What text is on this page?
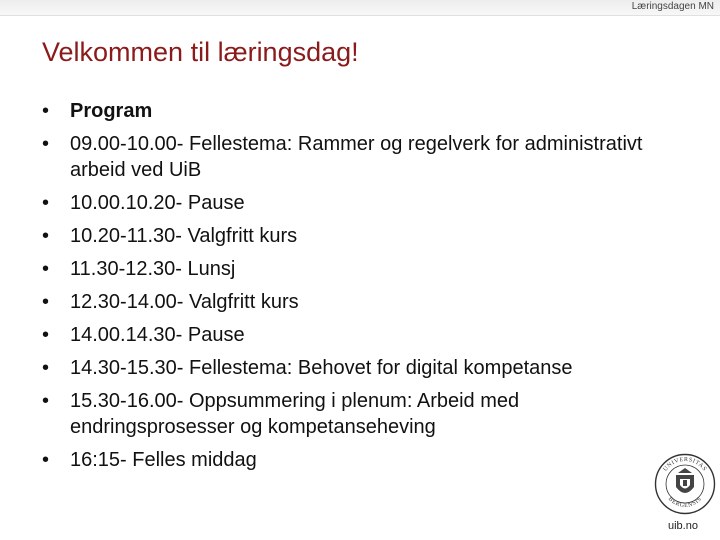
Læringsdagen MN
Velkommen til læringsdag!
• Program
• 09.00-10.00- Fellestema: Rammer og regelverk for administrativt arbeid ved UiB
• 10.00.10.20- Pause
• 10.20-11.30- Valgfritt kurs
• 11.30-12.30- Lunsj
• 12.30-14.00- Valgfritt kurs
• 14.00.14.30- Pause
• 14.30-15.30- Fellestema: Behovet for digital kompetanse
• 15.30-16.00- Oppsummering i plenum: Arbeid med endringsprosesser og kompetanseheving
• 16:15- Felles middag	UNIVERSITAS
BERGENSIS
uib.no
